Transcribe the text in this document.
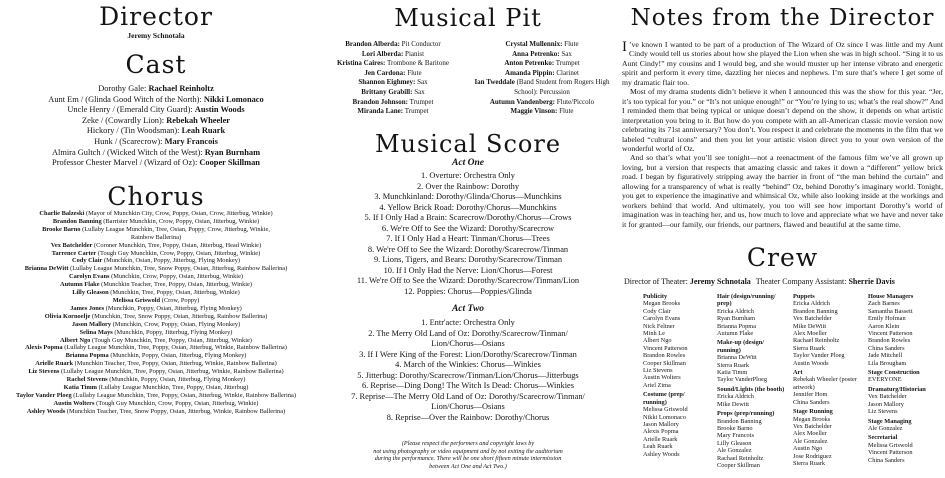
Director
Jeremy Schnotala
Cast
Dorothy Gale: Rachael Reinholtz
Aunt Em / (Glinda Good Witch of the North): Nikki Lomonaco
Uncle Henry / (Emerald City Guard): Austin Woods
Zeke / (Cowardly Lion): Rebekah Wheeler
Hickory / (Tin Woodsman): Leah Ruark
Hunk / (Scarecrow): Mary Francois
Almira Gultch / (Wicked Witch of the West): Ryan Burnham
Professor Chester Marvel / (Wizard of Oz): Cooper Skillman
Chorus
Charlie Balzeski (Mayor of Munchkin City, Crow, Poppy, Osian, Crow, Jitterbug, Winkie)
Brandon Banning (Barrister Munchkin, Crow, Poppy, Osian, Jitterbug, Winkie)
Brooke Barno (Lullaby League Munchkin, Tree, Osian, Poppy, Crow, Jitterbug, Winkie,
Rainbow Ballerina)
Vex Batchelder (Coroner Munchkin, Tree, Poppy, Osian, Jitterbug, Head Winkie)
Tarrence Carter (Tough Guy Munchkin, Crow, Poppy, Osian, Jitterbug, Winkie)
Cody Clair (Munchkin, Osian, Poppy, Jitterbug, Flying Monkey)
Brianna DeWitt (Lullaby League Munchkin, Tree, Snow Poppy, Osian, Jitterbug, Rainbow Ballerina)
Carolyn Evans (Munchkin, Crow, Poppy, Osian, Jitterbug, Winkie)
Autumn Flake (Munchkin Teacher, Tree, Poppy, Osian, Jitterbug, Winkie)
Lilly Gleason (Munchkin, Tree, Poppy, Osian, Jitterbug, Winkie)
Melissa Griswold (Crow, Poppy)
James Jones (Munchkin, Poppy, Osian, Jitterbug, Flying Monkey)
Olivia Kornoelje (Munchkin, Tree, Snow Poppy, Osian, Jitterbug, Rainbow Ballerina)
Jason Mallory (Munchkin, Crow, Poppy, Osian, Flying Monkey)
Selina Mays (Munchkin, Poppy, Jitterbug, Flying Monkey)
Albert Ngo (Tough Guy Munchkin, Tree, Poppy, Osian, Jitterbug, Winkie)
Alexis Popma (Lullaby League Munchkin, Tree, Poppy, Osian, Jitterbug, Winkie, Rainbow Ballerina)
Brianna Popma (Munchkin, Poppy, Osian, Jitterbug, Flying Monkey)
Arielle Ruark (Munchkin Teacher, Tree, Poppy, Osian, Jitterbug, Winkie, Rainbow Ballerina)
Liz Stevens (Lullaby League Munchkin, Tree, Poppy, Osian, Jitterbug, Winkie, Rainbow Ballerina)
Rachel Stevens (Munchkin, Poppy, Osian, Jitterbug, Flying Monkey)
Katia Timm (Lullaby League Munchkin, Tree, Poppy, Osian, Jitterbug)
Taylor Vander Ploeg (Lullaby League Munchkin, Tree, Poppy, Osian, Jitterbug, Winkie, Rainbow Ballerina)
Austin Wolters (Tough Guy Munchkin, Crow, Poppy, Osian, Jitterbug, Winkie)
Ashley Woods (Munchkin Teacher, Tree, Snow Poppy, Osian, Jitterbug, Winkie, Rainbow Ballerina)
Musical Pit
Brandon Alberda: Pit Conductor
Lori Alberda: Pianist
Kristina Caires: Trombone & Baritone
Jen Cardona: Flute
Shannon Eighmey: Sax
Brittany Grabill: Sax
Brandon Johnson: Trumpet
Miranda Lane: Trumpet
Crystal Mullennix: Flute
Anna Petrenko: Sax
Anton Petrenko: Trumpet
Amanda Pippin: Clarinet
Ian Tweddale (Band Student from Rogers High
School): Percussion
Autumn Vandenberg: Flute/Piccolo
Maggie Vinson: Flute
Musical Score
Act One
1. Overture: Orchestra Only
2. Over the Rainbow: Dorothy
3. Munchkinland: Dorothy/Glinda/Chorus—Munchkins
4. Yellow Brick Road: Dorothy/Chorus—Munchkins
5. If I Only Had a Brain: Scarecrow/Dorothy/Chorus—Crows
6. We're Off to See the Wizard: Dorothy/Scarecrow
7. If I Only Had a Heart: Tinman/Chorus—Trees
8. We're Off to See the Wizard: Dorothy/Scarecrow/Tinman
9. Lions, Tigers, and Bears: Dorothy/Scarecrow/Tinman
10. If I Only Had the Nerve: Lion/Chorus—Forest
11. We're Off to See the Wizard: Dorothy/Scarecrow/Tinman/Lion
12. Poppies: Chorus—Poppies/Glinda
Act Two
1. Entr'acte: Orchestra Only
2. The Merry Old Land of Oz: Dorothy/Scarecrow/Tinman/
Lion/Chorus—Osians
3. If I Were King of the Forest: Lion/Dorothy/Scarecrow/Tinman
4. March of the Winkies: Chorus—Winkies
5. Jitterbug: Dorothy/Scarecrow/Tinman/Lion/Chorus—Jitterbugs
6. Reprise—Ding Dong! The Witch Is Dead: Chorus—Winkies
7. Reprise—The Merry Old Land of Oz: Dorothy/Scarecrow/Tinman/
Lion/Chorus—Osians
8. Reprise—Over the Rainbow: Dorothy/Chorus
(Please respect the performers and copyright laws by
not using photography or video equipment and by not exiting the auditorium
during the performance. There will be one short fifteen minute intermission
between Act One and Act Two.)
Notes from the Director

I ’ve known I wanted to be part of a production of The Wizard of Oz since I was little and my Aunt Cindy would tell us stories about how she played the Lion when she was in high school. “Sing it to us Aunt Cindy!” my cousins and I would beg, and she would muster up her intense vibrato and energetic spirit and perform it every time, dazzling her nieces and nephews. I’m sure that’s where I get some of my dramatic flair too.

Most of my drama students didn’t believe it when I announced this was the show for this year. “Jer, it’s too typical for you.” or “It’s not unique enough!” or “You’re lying to us; what’s the real show?” And I reminded them that being typical or unique doesn’t depend on the show, it depends on what artistic interpretation you bring to it. But how do you compete with an all-American classic movie version now celebrating its 71st anniversary? You don’t. You respect it and celebrate the moments in the film that we labeled “cultural icons” and then you let your artistic vision direct you to your own version of the wonderful world of Oz.

And so that’s what you’ll see tonight—not a reenactment of the famous film we’ve all grown up loving, but a version that respects that amazing classic and takes it down a “different” yellow brick road. I began by figuratively stripping away the barrier in front of “the man behind the curtain” and allowing for a transparency of what is really “behind” Oz, behind Dorothy’s imaginary world. Tonight, you get to experience the imaginative and whimsical Oz, while also looking inside at the workings and workers behind that world. And ultimately, you too will see how important Dorothy’s world of imagination was in teaching her, and us, how much to love and appreciate what we have and never take it for granted—our family, our friends, our partners, flawed and beautiful at the same time.

Crew
Director of Theater: Jeremy Schnotala Theater Company Assistant: Sherrie Davis
Publicity
Megan Brooks
Cody Clair
Carolyn Evans
Nick Feltner
Minh Le
Albert Ngo
Vincent Patterson
Brandon Rowles
Cooper Skillman
Liz Stevens
Austin Wolters
Ariel Zima
Costume (prep/ running)
Melissa Griswold
Nikki Lomonaco
Jason Mallory
Alexis Popma
Arielle Ruark
Leah Ruark
Ashley Woods
Hair (design/running/ prep)
Ericka Aldrich
Ryan Burnham
Brianna Popma
Autumn Flake
Make-up (design/ running)
Brianna DeWitt
Sierra Ruark
Katia Timm
Taylor VanderPloeg
Sound/Lights (the booth)
Ericka Aldrich
Mike Dewitt
Props (prep/running)
Brandon Banning
Brooke Barno
Mary Francois
Lilly Gleason
Ale Gonzalez
Rachael Reinholtz
Cooper Skillman
Puppets
Ericka Aldrich
Brandon Banning
Vex Batchelder
Mike DeWitt
Alex Moeller
Rachael Reinholtz
Sierra Ruark
Taylor Vander Ploeg
Austin Woods
Art
Rebekah Wheeler (poster artwork)
Jennifer Hom
China Sanders
Stage Running
Megan Brooks
Vex Batchelder
Alex Moeller
Ale Gonzalez
Austin Ngo
Jose Rodriguez
Sierra Ruark
House Managers
Zach Barnes
Samantha Bassett
Emily Hofman
Aaron Klein
Vincent Patterson
Brandon Rowles
China Sanders
Jade Mitchell
Lila Brougham
Stage Construction
EVERYONE
Dramaturg/Historian
Vex Batchelder
Jason Mallory
Liz Stevens
Stage Managing
Ale Gonzalez
Secretarial
Melissa Griswold
Vincent Patterson
China Sanders
